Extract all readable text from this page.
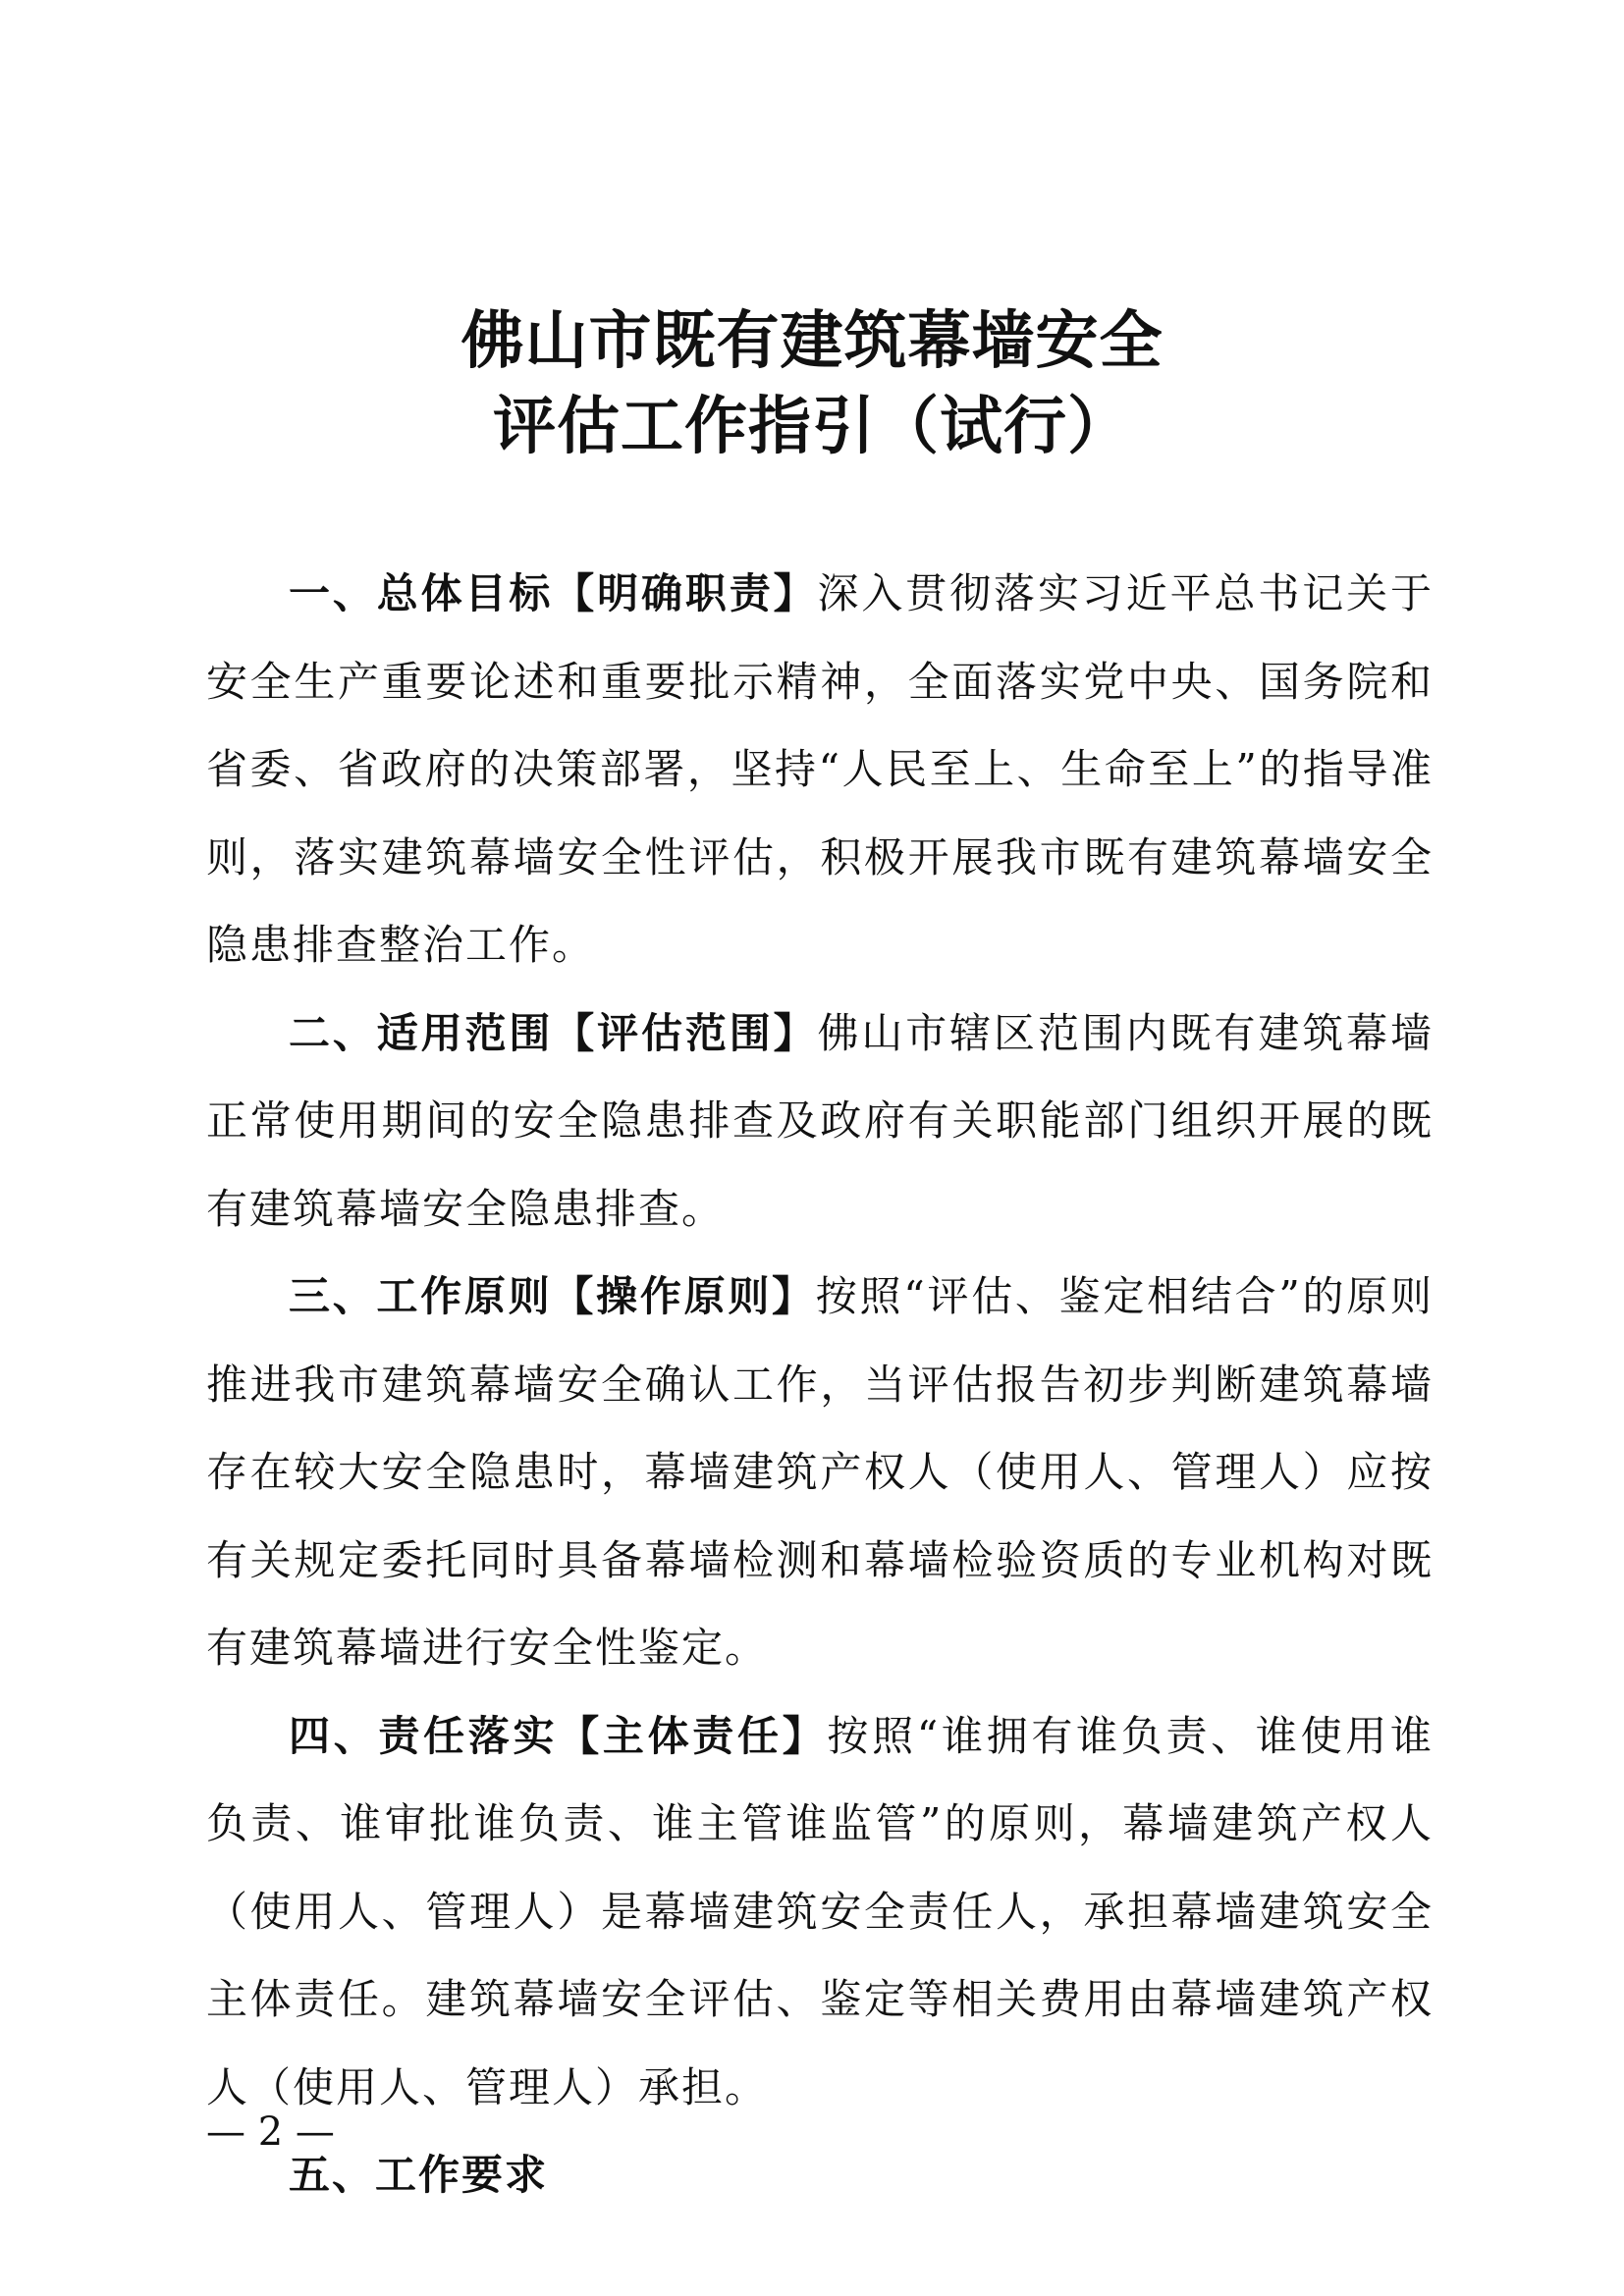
佛山市既有建筑幕墙安全
评估工作指引（试行）

一、总体目标【明确职责】深入贯彻落实习近平总书记关于安全生产重要论述和重要批示精神，全面落实党中央、国务院和省委、省政府的决策部署，坚持“人民至上、生命至上”的指导准则，落实建筑幕墙安全性评估，积极开展我市既有建筑幕墙安全隐患排查整治工作。

二、适用范围【评估范围】佛山市辖区范围内既有建筑幕墙正常使用期间的安全隐患排查及政府有关职能部门组织开展的既有建筑幕墙安全隐患排查。

三、工作原则【操作原则】按照“评估、鉴定相结合”的原则推进我市建筑幕墙安全确认工作，当评估报告初步判断建筑幕墙存在较大安全隐患时，幕墙建筑产权人（使用人、管理人）应按有关规定委托同时具备幕墙检测和幕墙检验资质的专业机构对既有建筑幕墙进行安全性鉴定。

四、责任落实【主体责任】按照“谁拥有谁负责、谁使用谁负责、谁审批谁负责、谁主管谁监管”的原则，幕墙建筑产权人（使用人、管理人）是幕墙建筑安全责任人，承担幕墙建筑安全主体责任。建筑幕墙安全评估、鉴定等相关费用由幕墙建筑产权人（使用人、管理人）承担。

五、工作要求

— 2 —
